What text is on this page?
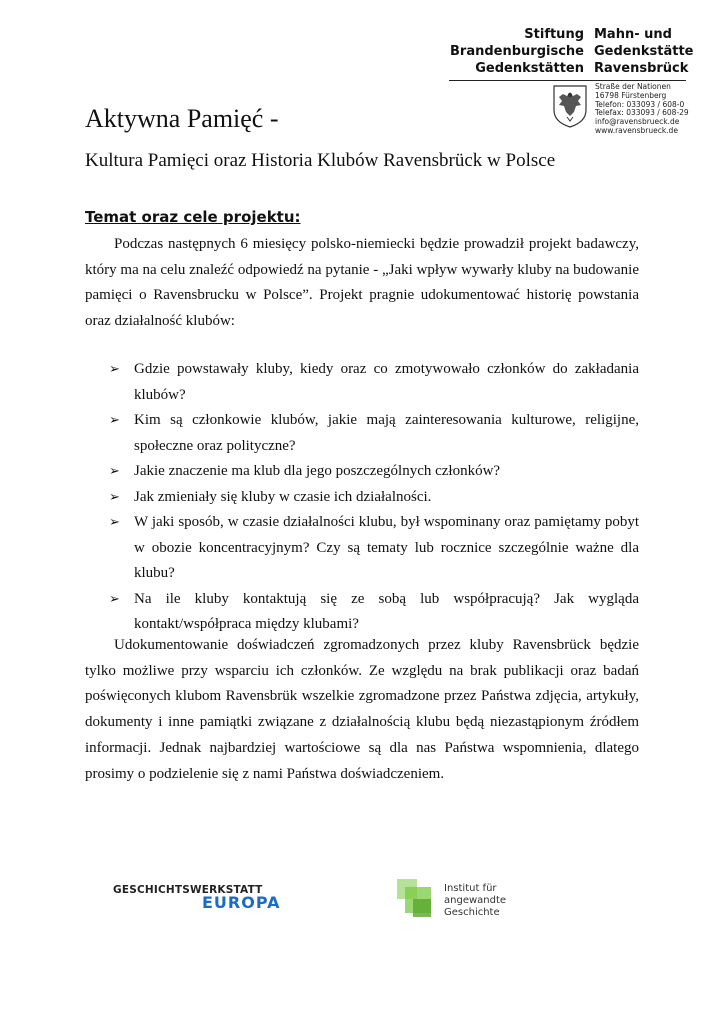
Stiftung
Brandenburgische
Gedenkstätten
Mahn- und
Gedenkstätte
Ravensbrück
Straße der Nationen
16798 Fürstenberg
Telefon: 033093 / 608-0
Telefax: 033093 / 608-29
info@ravensbrueck.de
www.ravensbrueck.de
Aktywna Pamięć -
Kultura Pamięci oraz Historia Klubów Ravensbrück w Polsce
Temat oraz cele projektu:

Podczas następnych 6 miesięcy polsko-niemiecki będzie prowadził projekt badawczy, który ma na celu znaleźć odpowiedź na pytanie - „Jaki wpływ wywarły kluby na budowanie pamięci o Ravensbrucku w Polsce”. Projekt pragnie udokumentować historię powstania oraz działalność klubów:

➢ Gdzie powstawały kluby, kiedy oraz co zmotywowało członków do zakładania klubów?
➢ Kim są członkowie klubów, jakie mają zainteresowania kulturowe, religijne, społeczne oraz polityczne?
➢ Jakie znaczenie ma klub dla jego poszczególnych członków?
➢ Jak zmieniały się kluby w czasie ich działalności.
➢ W jaki sposób, w czasie działalności klubu, był wspominany oraz pamiętamy pobyt w obozie koncentracyjnym? Czy są tematy lub rocznice szczególnie ważne dla klubu?
➢ Na ile kluby kontaktują się ze sobą lub współpracują? Jak wygląda kontakt/współpraca między klubami?

Udokumentowanie doświadczeń zgromadzonych przez kluby Ravensbrück będzie tylko możliwe przy wsparciu ich członków. Ze względu na brak publikacji oraz badań poświęconych klubom Ravensbrük wszelkie zgromadzone przez Państwa zdjęcia, artykuły, dokumenty i inne pamiątki związane z działalnością klubu będą niezastąpionym źródłem informacji. Jednak najbardziej wartościowe są dla nas Państwa wspomnienia, dlatego prosimy o podzielenie się z nami Państwa doświadczeniem.

GESCHICHTSWERKSTATT
EUROPA
Institut für
angewandte
Geschichte
